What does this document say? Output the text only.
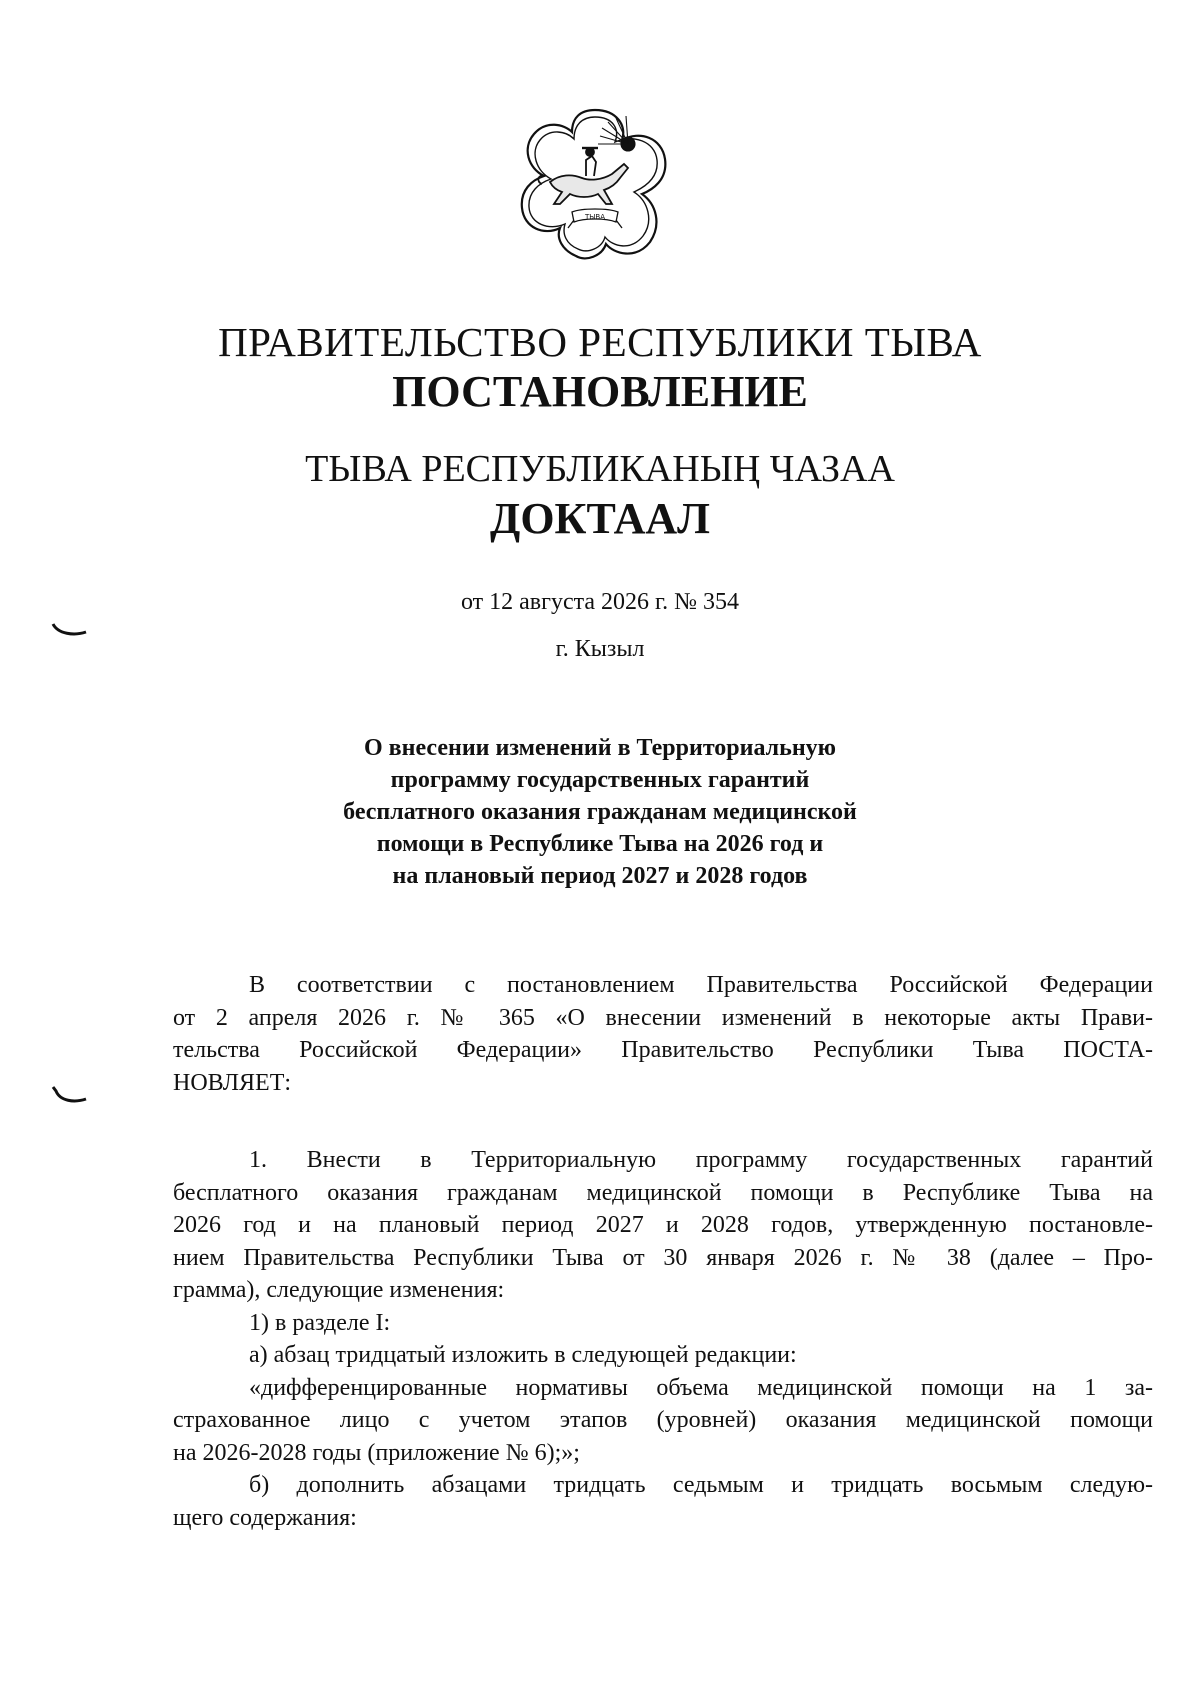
ТЫВА
ПРАВИТЕЛЬСТВО РЕСПУБЛИКИ ТЫВА
ПОСТАНОВЛЕНИЕ
ТЫВА РЕСПУБЛИКАНЫҢ ЧАЗАА
ДОКТААЛ
от 12 августа 2026 г. № 354
г. Кызыл
О внесении изменений в Территориальную
программу государственных гарантий
бесплатного оказания гражданам медицинской
помощи в Республике Тыва на 2026 год и
на плановый период 2027 и 2028 годов
В соответствии с постановлением Правительства Российской Федерации
от 2 апреля 2026 г. № 365 «О внесении изменений в некоторые акты Прави-
тельства Российской Федерации» Правительство Республики Тыва ПОСТА-
НОВЛЯЕТ:
1. Внести в Территориальную программу государственных гарантий
бесплатного оказания гражданам медицинской помощи в Республике Тыва на
2026 год и на плановый период 2027 и 2028 годов, утвержденную постановле-
нием Правительства Республики Тыва от 30 января 2026 г. № 38 (далее – Про-
грамма), следующие изменения:
1) в разделе I:
а) абзац тридцатый изложить в следующей редакции:
«дифференцированные нормативы объема медицинской помощи на 1 за-
страхованное лицо с учетом этапов (уровней) оказания медицинской помощи
на 2026-2028 годы (приложение № 6);»;
б) дополнить абзацами тридцать седьмым и тридцать восьмым следую-
щего содержания:
